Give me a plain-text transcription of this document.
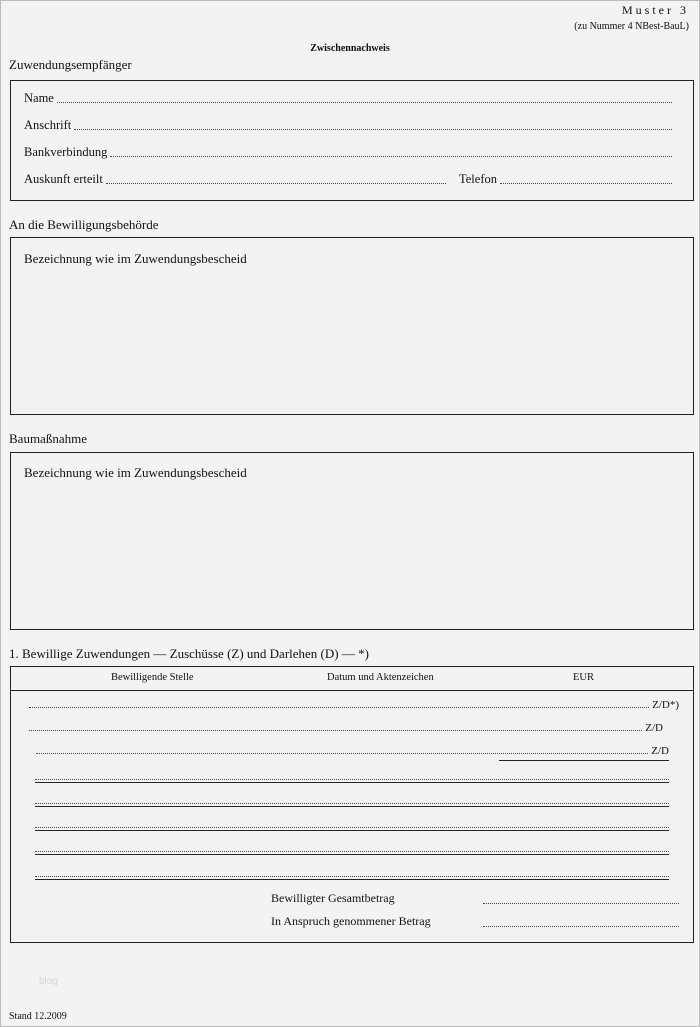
Muster 3
(zu Nummer 4 NBest-BauL)
Zwischennachweis
Zuwendungsempfänger
Name
Anschrift
Bankverbindung
Auskunft erteilt	Telefon
An die Bewilligungsbehörde
Bezeichnung wie im Zuwendungsbescheid
Baumaßnahme
Bezeichnung wie im Zuwendungsbescheid
1. Bewillige Zuwendungen — Zuschüsse (Z) und Darlehen (D) — *)
Bewilligende Stelle	Datum und Aktenzeichen	EUR
Z/D*)
Z/D
Z/D
Bewilligter Gesamtbetrag
In Anspruch genommener Betrag
blog
Stand 12.2009
